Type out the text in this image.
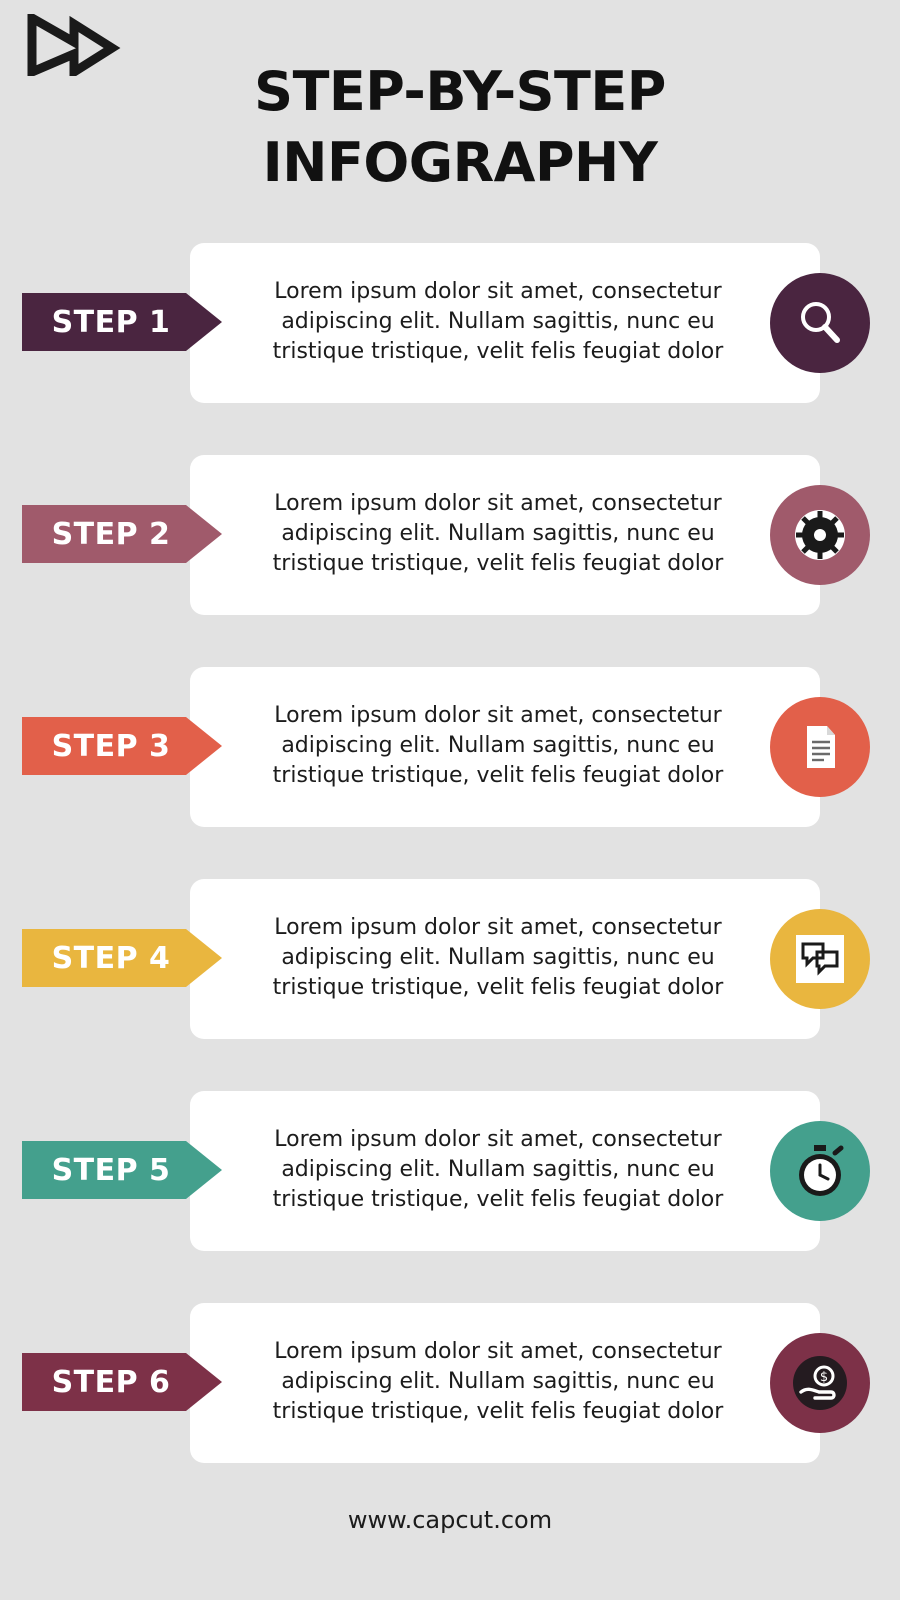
STEP-BY-STEP INFOGRAPHY
Lorem ipsum dolor sit amet, consectetur adipiscing elit. Nullam sagittis, nunc eu tristique tristique, velit felis feugiat dolor
STEP 1
Lorem ipsum dolor sit amet, consectetur adipiscing elit. Nullam sagittis, nunc eu tristique tristique, velit felis feugiat dolor
STEP 2
Lorem ipsum dolor sit amet, consectetur adipiscing elit. Nullam sagittis, nunc eu tristique tristique, velit felis feugiat dolor
STEP 3
Lorem ipsum dolor sit amet, consectetur adipiscing elit. Nullam sagittis, nunc eu tristique tristique, velit felis feugiat dolor
STEP 4
Lorem ipsum dolor sit amet, consectetur adipiscing elit. Nullam sagittis, nunc eu tristique tristique, velit felis feugiat dolor
STEP 5
Lorem ipsum dolor sit amet, consectetur adipiscing elit. Nullam sagittis, nunc eu tristique tristique, velit felis feugiat dolor
STEP 6	$
www.capcut.com
